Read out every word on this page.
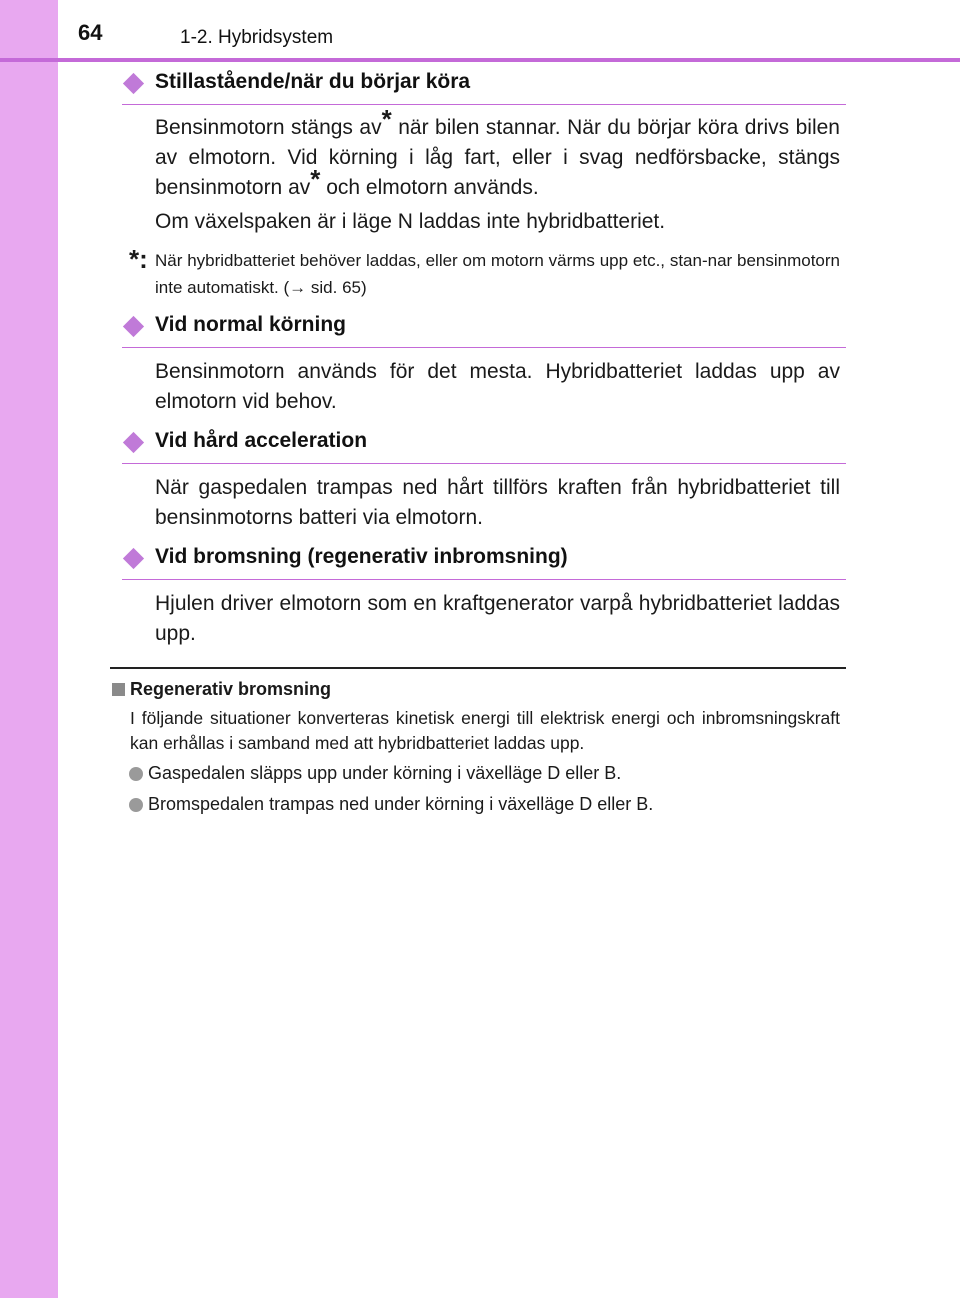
64	1-2. Hybridsystem
Stillastående/när du börjar köra
Bensinmotorn stängs av* när bilen stannar. När du börjar köra drivs bilen av elmotorn. Vid körning i låg fart, eller i svag nedförsbacke, stängs bensinmotorn av* och elmotorn används.
Om växelspaken är i läge N laddas inte hybridbatteriet.
*: När hybridbatteriet behöver laddas, eller om motorn värms upp etc., stan-nar bensinmotorn inte automatiskt. (→ sid. 65)
Vid normal körning
Bensinmotorn används för det mesta. Hybridbatteriet laddas upp av elmotorn vid behov.
Vid hård acceleration
När gaspedalen trampas ned hårt tillförs kraften från hybridbatteriet till bensinmotorns batteri via elmotorn.
Vid bromsning (regenerativ inbromsning)
Hjulen driver elmotorn som en kraftgenerator varpå hybridbatteriet laddas upp.
Regenerativ bromsning
I följande situationer konverteras kinetisk energi till elektrisk energi och inbromsningskraft kan erhållas i samband med att hybridbatteriet laddas upp.
Gaspedalen släpps upp under körning i växelläge D eller B.
Bromspedalen trampas ned under körning i växelläge D eller B.
